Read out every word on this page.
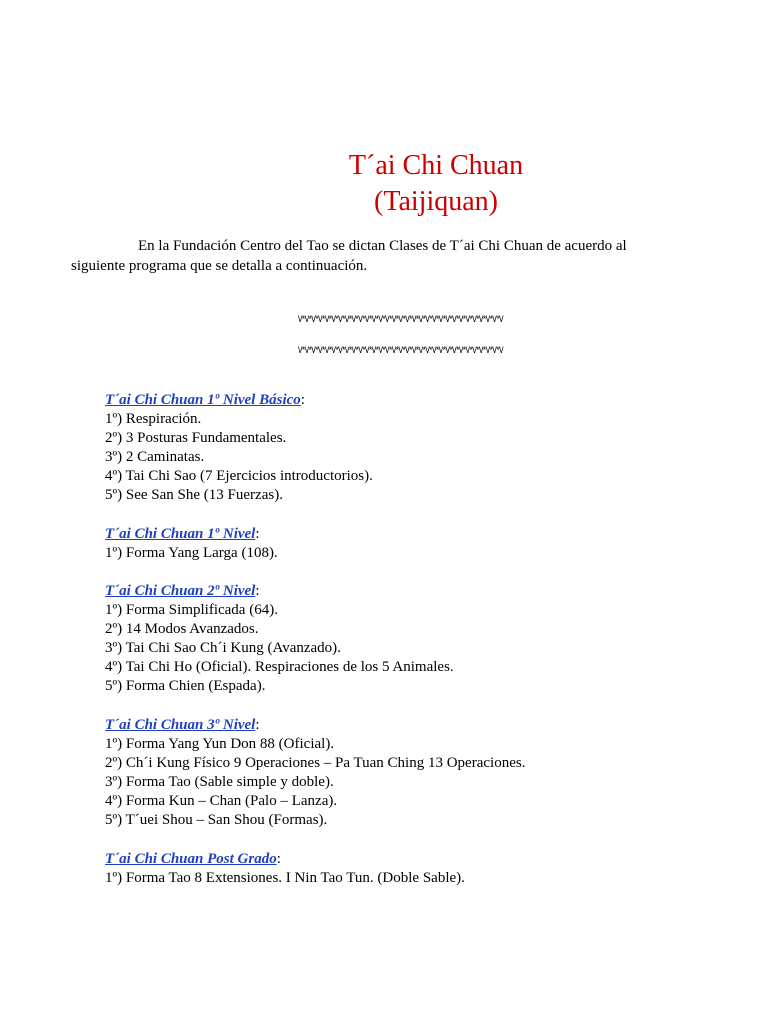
T´ai Chi Chuan
(Taijiquan)
En la Fundación Centro del Tao se dictan Clases de T´ai Chi Chuan de acuerdo al
siguiente programa que se detalla a continuación.
\/*\/*\/*\/*\/*\/*\/*\/*\/*\/*\/*\/*\/*\/*\/*\/*\/*\/*\/*\/*\/*\/*\/*\/*\/*\/*\/*\/*\/*\/*\/
\/*\/*\/*\/*\/*\/*\/*\/*\/*\/*\/*\/*\/*\/*\/*\/*\/*\/*\/*\/*\/*\/*\/*\/*\/*\/*\/*\/*\/*\/*\/
T´ai Chi Chuan 1º Nivel Básico:
1º) Respiración.
2º) 3 Posturas Fundamentales.
3º) 2 Caminatas.
4º) Tai Chi Sao (7 Ejercicios introductorios).
5º) See San She (13 Fuerzas).
T´ai Chi Chuan 1º Nivel:
1º) Forma Yang Larga (108).
T´ai Chi Chuan 2º Nivel:
1º) Forma Simplificada (64).
2º) 14 Modos Avanzados.
3º) Tai Chi Sao Ch´i Kung (Avanzado).
4º) Tai Chi Ho (Oficial). Respiraciones de los 5 Animales.
5º) Forma Chien (Espada).
T´ai Chi Chuan 3º Nivel:
1º) Forma Yang Yun Don 88 (Oficial).
2º) Ch´i Kung Físico 9 Operaciones – Pa Tuan Ching 13 Operaciones.
3º) Forma Tao (Sable simple y doble).
4º) Forma Kun – Chan (Palo – Lanza).
5º) T´uei Shou – San Shou (Formas).
T´ai Chi Chuan Post Grado:
1º) Forma Tao 8 Extensiones. I Nin Tao Tun. (Doble Sable).
